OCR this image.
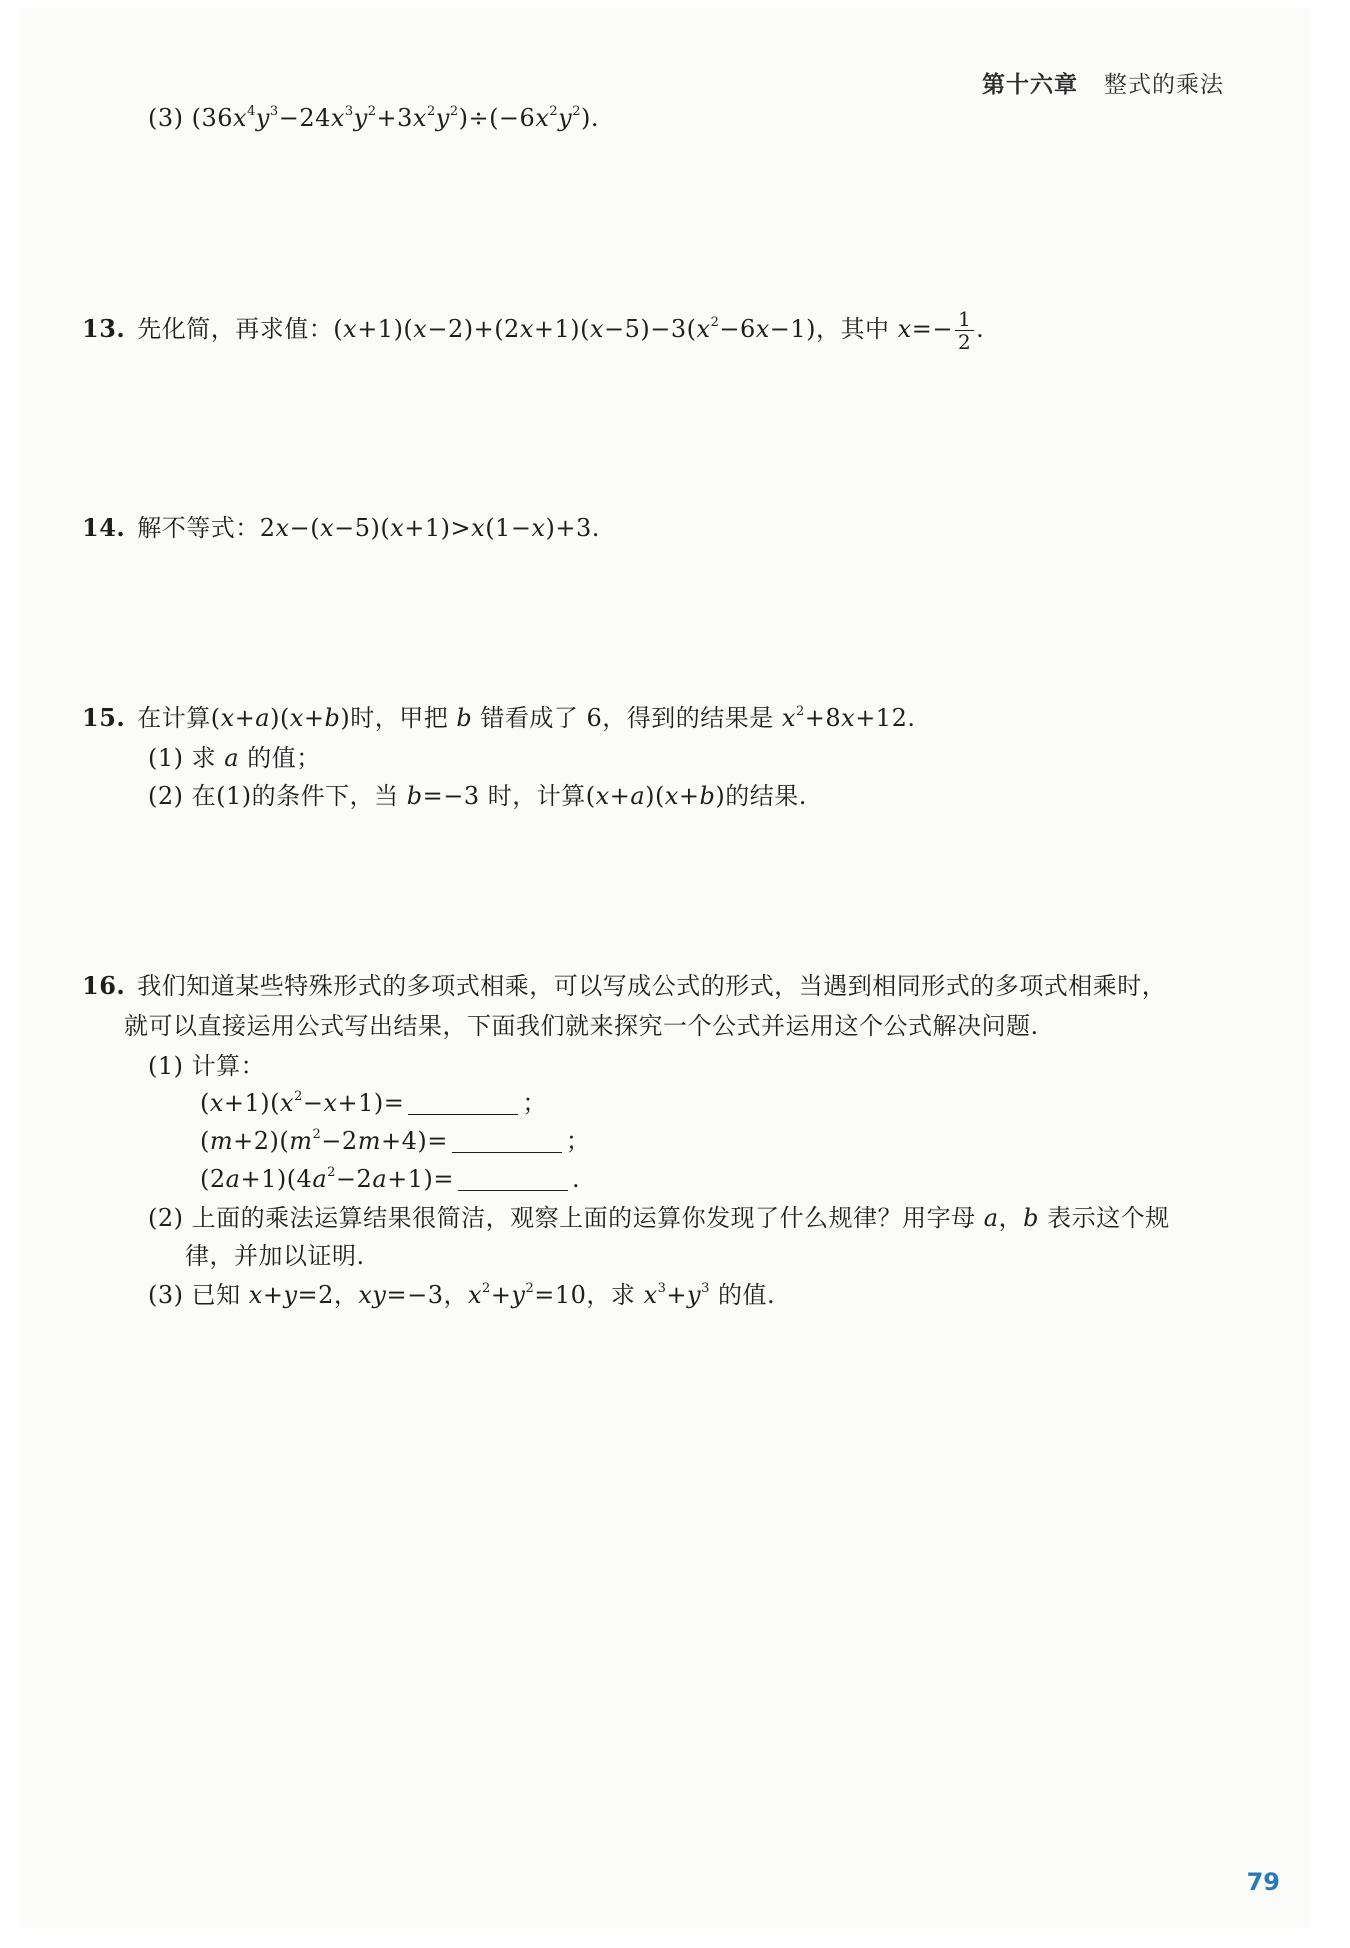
第十六章 整式的乘法
(3) $(36x^4y^3-24x^3y^2+3x^2y^2)\div(-6x^2y^2)$.
13. 先化简，再求值：$(x+1)(x-2)+(2x+1)(x-5)-3(x^2-6x-1)$，其中 $x=- \frac{1}{2}$ .
14. 解不等式：2x−(x−5)(x+1)>x(1−x)+3.
15. 在计算(x+a)(x+b)时，甲把 b 错看成了 6，得到的结果是 $x^2+8x+12$.
(1) 求 a 的值；
(2) 在(1)的条件下，当 b=−3 时，计算(x+a)(x+b)的结果.
16. 我们知道某些特殊形式的多项式相乘，可以写成公式的形式，当遇到相同形式的多项式相乘时，
就可以直接运用公式写出结果，下面我们就来探究一个公式并运用这个公式解决问题.
(1) 计算：
$(x+1)(x^2-x+1)=$	；
$(m+2)(m^2-2m+4)=$	；
$(2a+1)(4a^2-2a+1)=$	.
(2) 上面的乘法运算结果很简洁，观察上面的运算你发现了什么规律？用字母 a，b 表示这个规
律，并加以证明.
(3) 已知 x+y=2，xy=−3，$x^2+y^2=10$，求 $x^3+y^3$ 的值.
79
